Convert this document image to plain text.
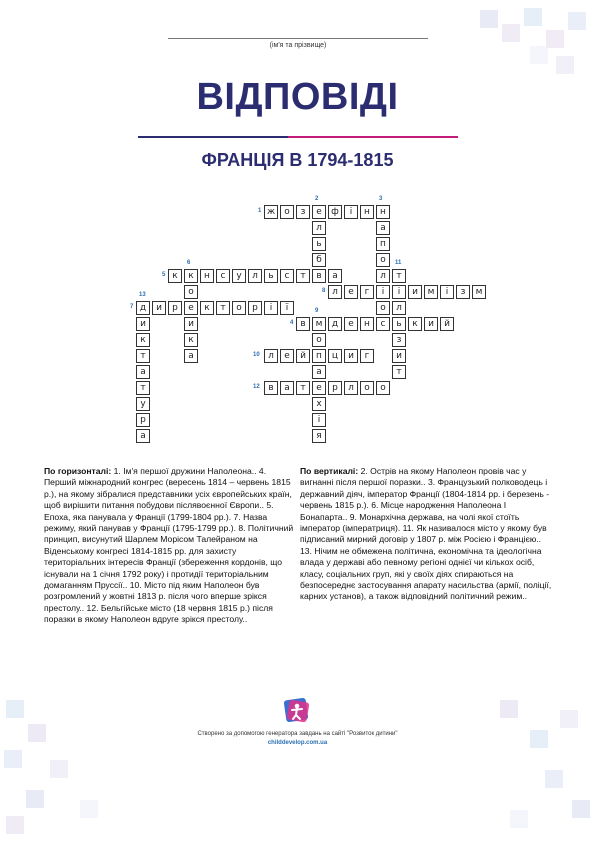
(ім'я та прізвище)
ВІДПОВІДІ
ФРАНЦІЯ В 1794-1815
1
2	3
4
5
6
7
8
9
10
11
12
13
ж	о	з	е	ф	і	н	н
л
ь
б
в
а
п
о
л
і
о
с
в	м	д	е	н	ь	к	и	й
к	к	н	с	у	л	ь	с	т	а
о
е
и
к
а
д	и	р	к	т	о	р	і	ї
л	е	г	і	и	м	і	з	м
о
п
а
е
х
і
я
л	е	й	ц	и	г
т
л
з
и
т
в	а	т	р	л	о	о
и
к
т
а
т
у
р
а
По горизонталі: 1. Ім'я першої дружини Наполеона.. 4. Перший міжнародний конгрес (вересень 1814 – червень 1815 р.), на якому зібралися представники усіх європейських країн, щоб вирішити питання побудови післявоєнної Європи.. 5. Епоха, яка панувала у Франції (1799-1804 рр.). 7. Назва режиму, який панував у Франції (1795-1799 рр.). 8. Політичний принцип, висунутий Шарлем Морісом Талейраном на Віденському конгресі 1814-1815 рр. для захисту територіальних інтересів Франції (збереження кордонів, що існували на 1 січня 1792 року) і протидії територіальним домаганням Пруссії.. 10. Місто під яким Наполеон був розгромлений у жовтні 1813 р. після чого вперше зрікся престолу.. 12. Бельгійське місто (18 червня 1815 р.) після поразки в якому Наполеон вдруге зрікся престолу..
По вертикалі: 2. Острів на якому Наполеон провів час у вигнанні після першої поразки.. 3. Французький полководець і державний діяч, імператор Франції (1804-1814 рр. і березень - червень 1815 р.). 6. Місце народження Наполеона І Бонапарта.. 9. Монархічна держава, на чолі якої стоїть імператор (імператриця). 11. Як називалося місто у якому був підписаний мирний договір у 1807 р. між Росією і Францією.. 13. Нічим не обмежена політична, економічна та ідеологічна влада у державі або певному регіоні однієї чи кількох осіб, класу, соціальних груп, які у своїх діях спираються на безпосереднє застосування апарату насильства (армії, поліції, карних установ), а також відповідний політичний режим..
Створено за допомогою генератора завдань на сайті "Розвиток дитини"
childdevelop.com.ua
